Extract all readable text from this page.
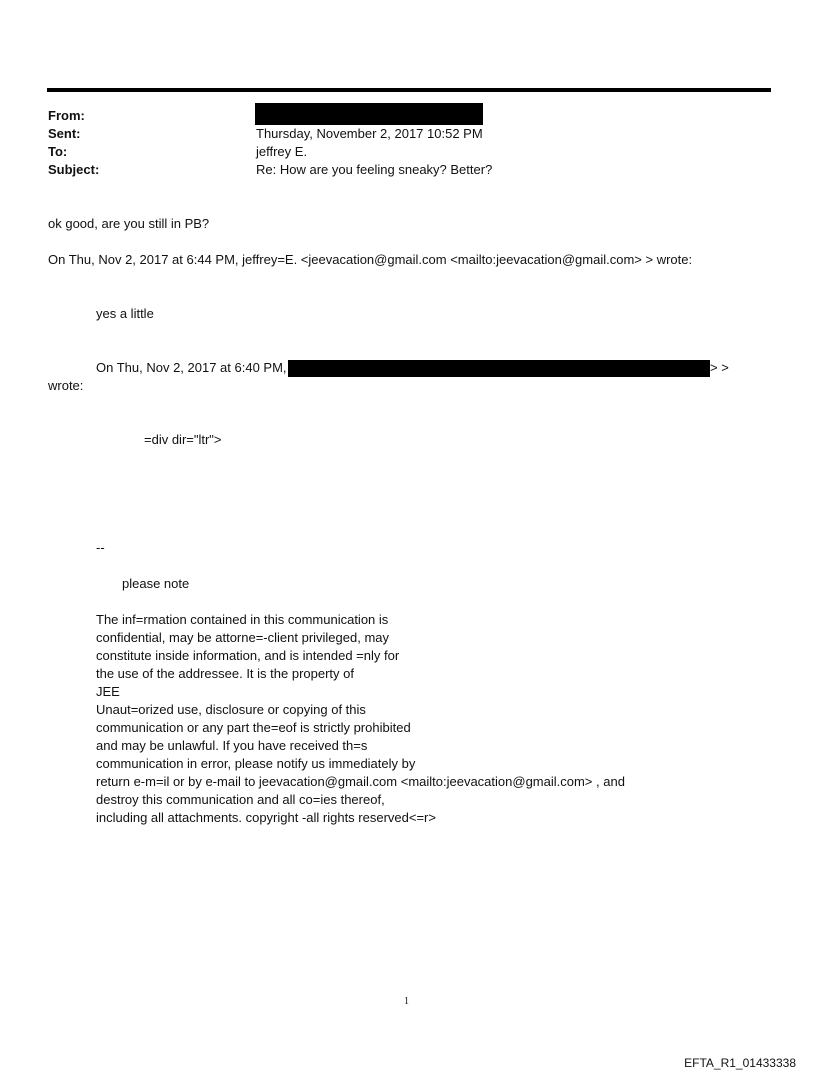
From:
Sent:
To:
Subject:
Thursday, November 2, 2017 10:52 PM
jeffrey E.
Re: How are you feeling sneaky? Better?
ok good, are you still in PB?
On Thu, Nov 2, 2017 at 6:44 PM, jeffrey=E. <jeevacation@gmail.com <mailto:jeevacation@gmail.com> > wrote:
yes a little
On Thu, Nov 2, 2017 at 6:40 PM,	> >
wrote:
=div dir="ltr">
--
please note
The inf=rmation contained in this communication is
confidential, may be attorne=-client privileged, may
constitute inside information, and is intended =nly for
the use of the addressee. It is the property of
JEE
Unaut=orized use, disclosure or copying of this
communication or any part the=eof is strictly prohibited
and may be unlawful. If you have received th=s
communication in error, please notify us immediately by
return e-m=il or by e-mail to jeevacation@gmail.com <mailto:jeevacation@gmail.com> , and
destroy this communication and all co=ies thereof,
including all attachments. copyright -all rights reserved<=r>
1
EFTA_R1_01433338
